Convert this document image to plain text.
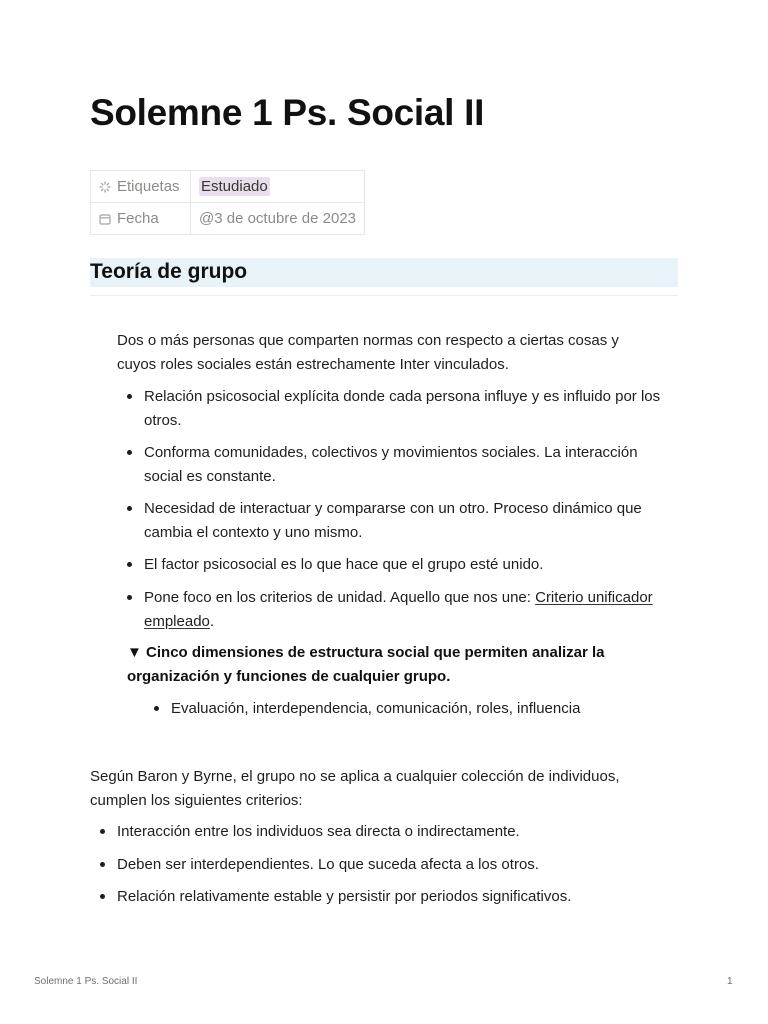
Solemne 1 Ps. Social II
Etiquetas	Estudiado
Fecha	@3 de octubre de 2023
Teoría de grupo

Dos o más personas que comparten normas con respecto a ciertas cosas y cuyos roles sociales están estrechamente Inter vinculados.

Relación psicosocial explícita donde cada persona influye y es influido por los otros.

Conforma comunidades, colectivos y movimientos sociales. La interacción social es constante.

Necesidad de interactuar y compararse con un otro. Proceso dinámico que cambia el contexto y uno mismo.

El factor psicosocial es lo que hace que el grupo esté unido.

Pone foco en los criterios de unidad. Aquello que nos une: Criterio unificador empleado.

▼ Cinco dimensiones de estructura social que permiten analizar la organización y funciones de cualquier grupo.

Evaluación, interdependencia, comunicación, roles, influencia

Según Baron y Byrne, el grupo no se aplica a cualquier colección de individuos, cumplen los siguientes criterios:

Interacción entre los individuos sea directa o indirectamente.

Deben ser interdependientes. Lo que suceda afecta a los otros.

Relación relativamente estable y persistir por periodos significativos.

Solemne 1 Ps. Social II	1
